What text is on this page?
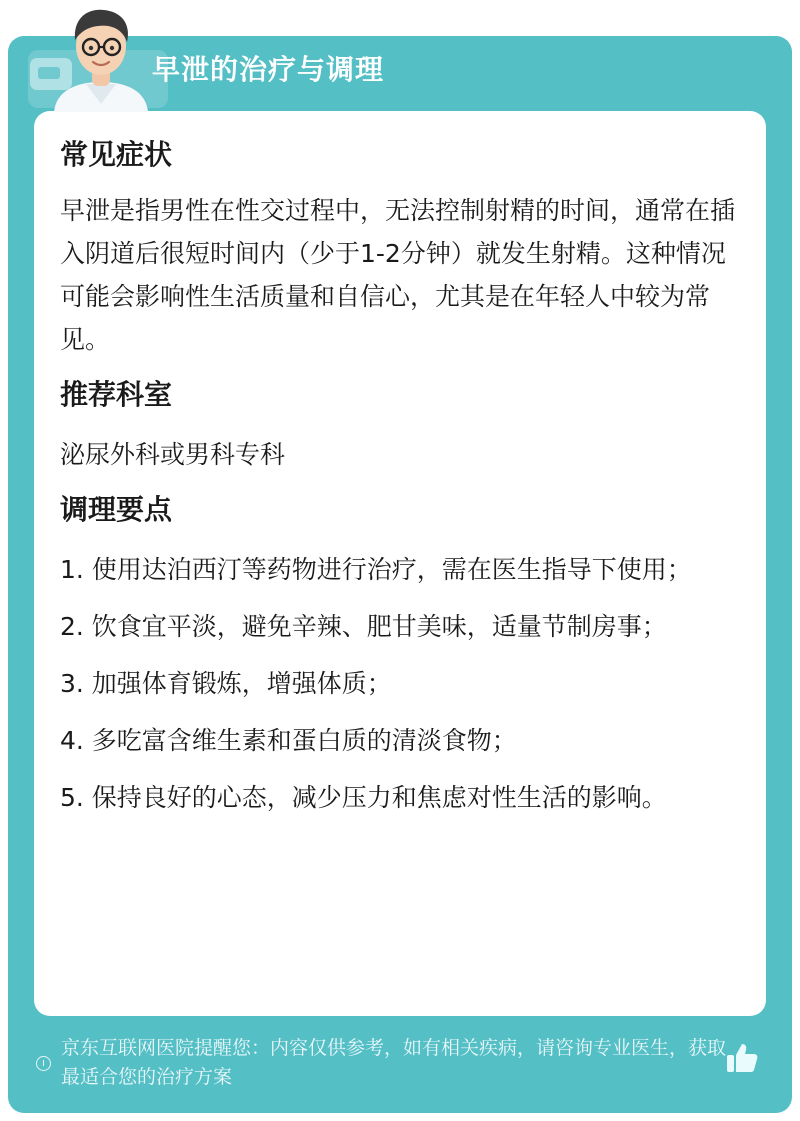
早泄的治疗与调理
常见症状

早泄是指男性在性交过程中，无法控制射精的时间，通常在插入阴道后很短时间内（少于1-2分钟）就发生射精。这种情况可能会影响性生活质量和自信心，尤其是在年轻人中较为常见。

推荐科室

泌尿外科或男科专科

调理要点
1. 使用达泊西汀等药物进行治疗，需在医生指导下使用；
2. 饮食宜平淡，避免辛辣、肥甘美味，适量节制房事；
3. 加强体育锻炼，增强体质；
4. 多吃富含维生素和蛋白质的清淡食物；
5. 保持良好的心态，减少压力和焦虑对性生活的影响。
京东互联网医院提醒您：内容仅供参考，如有相关疾病，请咨询专业医生，获取最适合您的治疗方案
